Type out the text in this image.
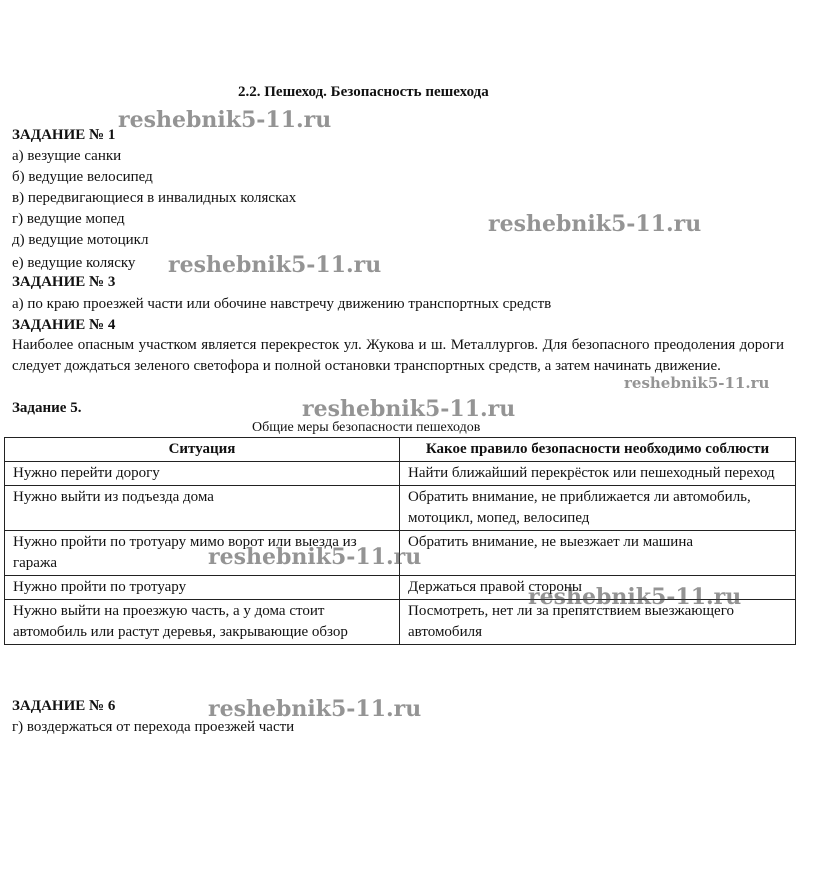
2.2. Пешеход. Безопасность пешехода
ЗАДАНИЕ № 1
а) везущие санки
б) ведущие велосипед
в) передвигающиеся в инвалидных колясках
г) ведущие мопед
д) ведущие мотоцикл
е) ведущие коляску
ЗАДАНИЕ № 3
а) по краю проезжей части или обочине навстречу движению транспортных средств
ЗАДАНИЕ № 4
Наиболее опасным участком является перекресток ул. Жукова и ш. Металлургов. Для безопасного преодоления дороги следует дождаться зеленого светофора и полной остановки транспортных средств, а затем начинать движение.
Задание 5.
Общие меры безопасности пешеходов
Ситуация	Какое правило безопасности необходимо соблюсти
Нужно перейти дорогу	Найти ближайший перекрёсток или пешеходный переход
Нужно выйти из подъезда дома	Обратить внимание, не приближается ли автомобиль, мотоцикл, мопед, велосипед
Нужно пройти по тротуару мимо ворот или выезда из гаража	Обратить внимание, не выезжает ли машина
Нужно пройти по тротуару	Держаться правой стороны
Нужно выйти на проезжую часть, а у дома стоит автомобиль или растут деревья, закрывающие обзор	Посмотреть, нет ли за препятствием выезжающего автомобиля
ЗАДАНИЕ № 6
г) воздержаться от перехода проезжей части
reshebnik5-11.ru
reshebnik5-11.ru
reshebnik5-11.ru
reshebnik5-11.ru
reshebnik5-11.ru
reshebnik5-11.ru
reshebnik5-11.ru
reshebnik5-11.ru
